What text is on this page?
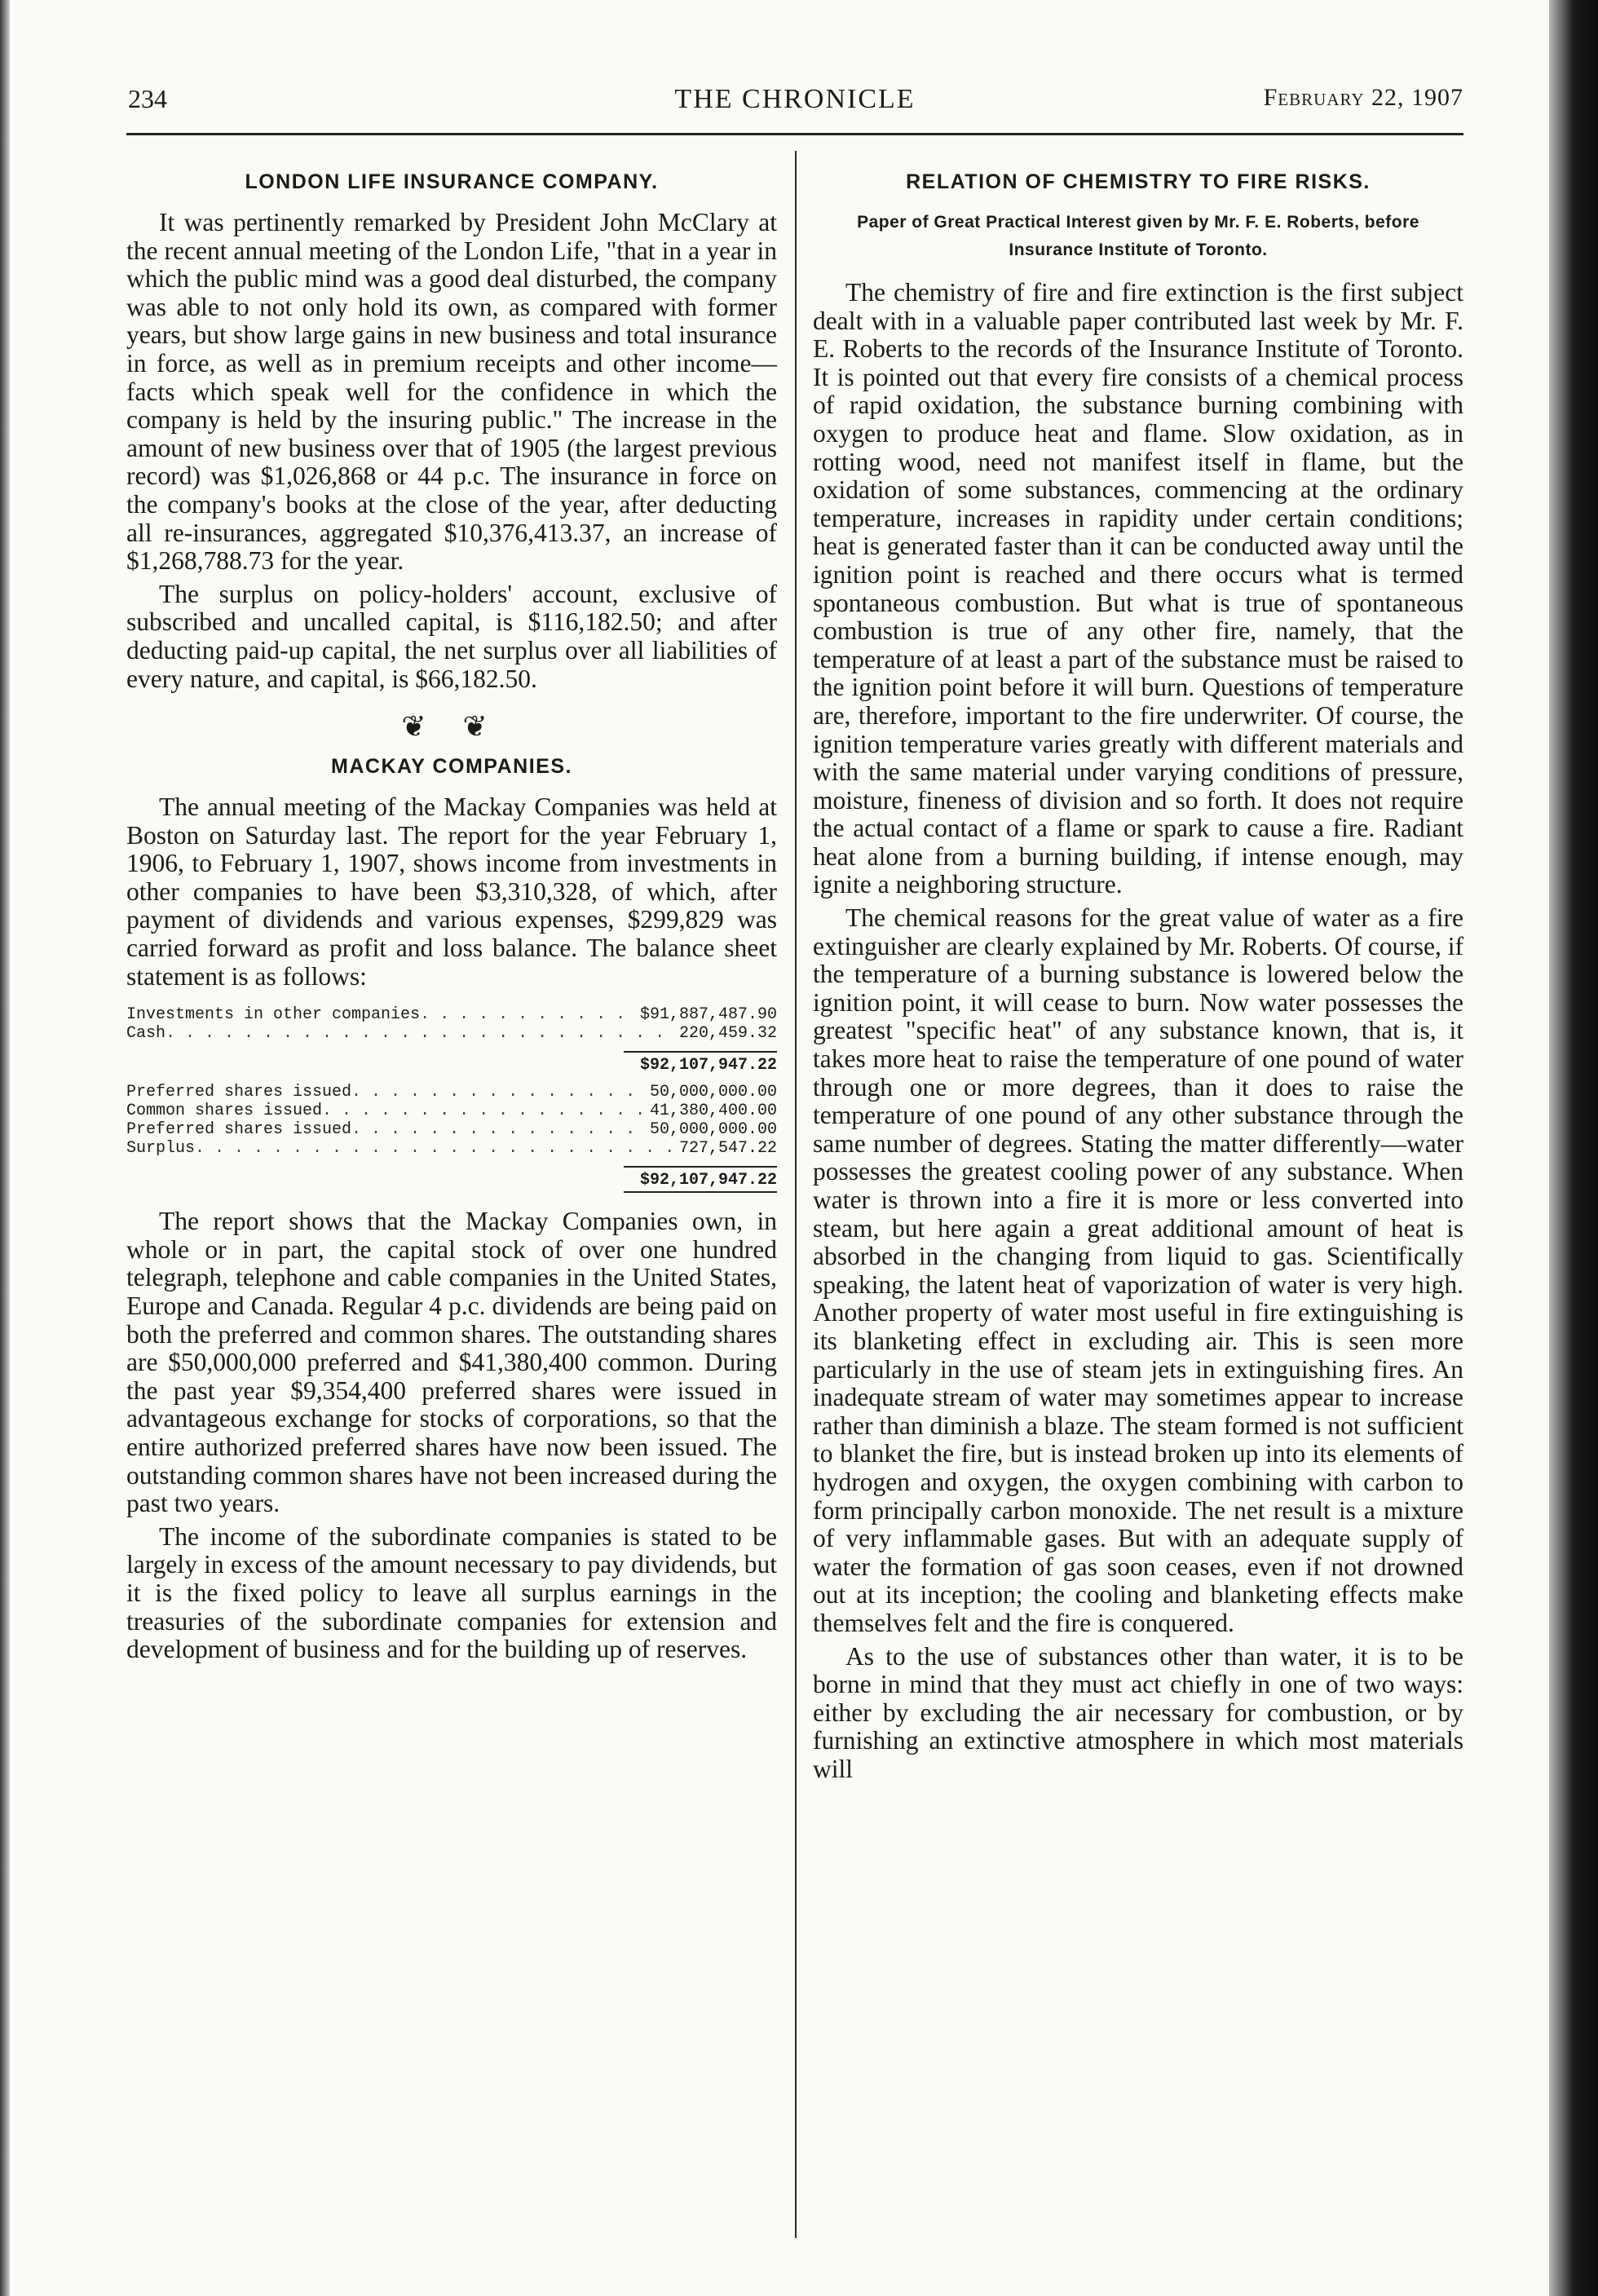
234	THE CHRONICLE	February 22, 1907
LONDON LIFE INSURANCE COMPANY.

It was pertinently remarked by President John McClary at the recent annual meeting of the London Life, "that in a year in which the public mind was a good deal disturbed, the company was able to not only hold its own, as compared with former years, but show large gains in new business and total insurance in force, as well as in premium receipts and other income—facts which speak well for the confidence in which the company is held by the insuring public." The increase in the amount of new business over that of 1905 (the largest previous record) was $1,026,868 or 44 p.c. The insurance in force on the company's books at the close of the year, after deducting all re-insurances, aggregated $10,376,413.37, an increase of $1,268,788.73 for the year.

The surplus on policy-holders' account, exclusive of subscribed and uncalled capital, is $116,182.50; and after deducting paid-up capital, the net surplus over all liabilities of every nature, and capital, is $66,182.50.

❦ ❦
MACKAY COMPANIES.

The annual meeting of the Mackay Companies was held at Boston on Saturday last. The report for the year February 1, 1906, to February 1, 1907, shows income from investments in other companies to have been $3,310,328, of which, after payment of dividends and various expenses, $299,829 was carried forward as profit and loss balance. The balance sheet statement is as follows:

Investments in other companies . . .	$91,887,487.90
Cash . . .	220,459.32
$92,107,947.22
Preferred shares issued . . .	50,000,000.00
Common shares issued . . .	41,380,400.00
Preferred shares issued . . .	50,000,000.00
Surplus . . .	727,547.22
$92,107,947.22

The report shows that the Mackay Companies own, in whole or in part, the capital stock of over one hundred telegraph, telephone and cable companies in the United States, Europe and Canada. Regular 4 p.c. dividends are being paid on both the preferred and common shares. The outstanding shares are $50,000,000 preferred and $41,380,400 common. During the past year $9,354,400 preferred shares were issued in advantageous exchange for stocks of corporations, so that the entire authorized preferred shares have now been issued. The outstanding common shares have not been increased during the past two years.

The income of the subordinate companies is stated to be largely in excess of the amount necessary to pay dividends, but it is the fixed policy to leave all surplus earnings in the treasuries of the subordinate companies for extension and development of business and for the building up of reserves.

RELATION OF CHEMISTRY TO FIRE RISKS.
Paper of Great Practical Interest given by Mr. F. E. Roberts, before Insurance Institute of Toronto.

The chemistry of fire and fire extinction is the first subject dealt with in a valuable paper contributed last week by Mr. F. E. Roberts to the records of the Insurance Institute of Toronto. It is pointed out that every fire consists of a chemical process of rapid oxidation, the substance burning combining with oxygen to produce heat and flame. Slow oxidation, as in rotting wood, need not manifest itself in flame, but the oxidation of some substances, commencing at the ordinary temperature, increases in rapidity under certain conditions; heat is generated faster than it can be conducted away until the ignition point is reached and there occurs what is termed spontaneous combustion. But what is true of spontaneous combustion is true of any other fire, namely, that the temperature of at least a part of the substance must be raised to the ignition point before it will burn. Questions of temperature are, therefore, important to the fire underwriter. Of course, the ignition temperature varies greatly with different materials and with the same material under varying conditions of pressure, moisture, fineness of division and so forth. It does not require the actual contact of a flame or spark to cause a fire. Radiant heat alone from a burning building, if intense enough, may ignite a neighboring structure.

The chemical reasons for the great value of water as a fire extinguisher are clearly explained by Mr. Roberts. Of course, if the temperature of a burning substance is lowered below the ignition point, it will cease to burn. Now water possesses the greatest "specific heat" of any substance known, that is, it takes more heat to raise the temperature of one pound of water through one or more degrees, than it does to raise the temperature of one pound of any other substance through the same number of degrees. Stating the matter differently—water possesses the greatest cooling power of any substance. When water is thrown into a fire it is more or less converted into steam, but here again a great additional amount of heat is absorbed in the changing from liquid to gas. Scientifically speaking, the latent heat of vaporization of water is very high. Another property of water most useful in fire extinguishing is its blanketing effect in excluding air. This is seen more particularly in the use of steam jets in extinguishing fires. An inadequate stream of water may sometimes appear to increase rather than diminish a blaze. The steam formed is not sufficient to blanket the fire, but is instead broken up into its elements of hydrogen and oxygen, the oxygen combining with carbon to form principally carbon monoxide. The net result is a mixture of very inflammable gases. But with an adequate supply of water the formation of gas soon ceases, even if not drowned out at its inception; the cooling and blanketing effects make themselves felt and the fire is conquered.

As to the use of substances other than water, it is to be borne in mind that they must act chiefly in one of two ways: either by excluding the air necessary for combustion, or by furnishing an extinctive atmosphere in which most materials will
